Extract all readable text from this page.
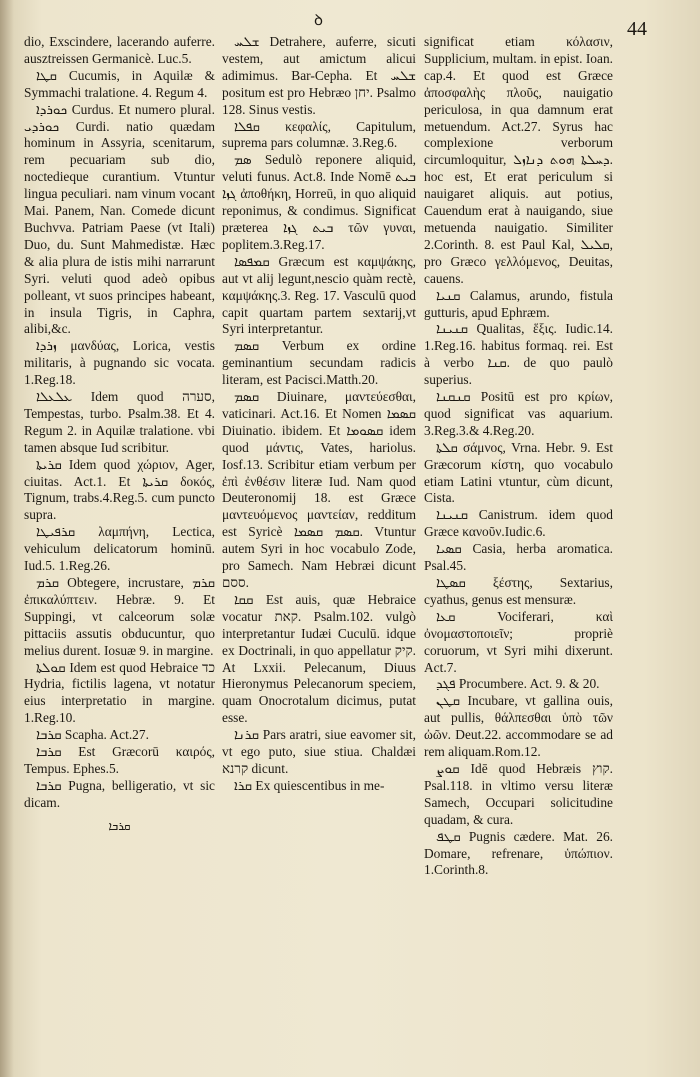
ꝺ	44

dio, Exscindere, lacerando auferre. ausztreissen Germanicè. Luc.5.

ܩܛܐ Cucumis, in Aquilæ & Symmachi tralatione. 4. Regum 4.

ܟܘܪܕܐ Curdus. Et numero plural. ܟܘܪܕܝ Curdi. natio quædam hominum in Assyria, scenitarum, rem pecuariam sub dio, noctedieque curantium. Vtuntur lingua peculiari. nam vinum vocant Mai. Panem, Nan. Comede dicunt Buchvva. Patriam Paese (vt Itali) Duo, du. Sunt Mahmedistæ. Hæc & alia plura de istis mihi narrarunt Syri. veluti quod adeò opibus polleant, vt suos principes habeant, in insula Tigris, in Caphra, alibi,&c.

ܙܪܕܐ μανδύας, Lorica, vestis militaris, à pugnando sic vocata. 1.Reg.18.

ܥܠܥܠܐ Idem quod סערה, Tempestas, turbo. Psalm.38. Et 4. Regum 2. in Aquilæ tralatione. vbi tamen absque Iud scribitur.

ܩܪܝܬܐ Idem quod χώριον, Ager, ciuitas. Act.1. Et ܩܪܝܬܐ δοκός, Tignum, trabs.4.Reg.5. cum puncto supra.

ܩܪܦܝܛܐ λαμπήνη, Lectica, vehiculum delicatorum hominū. Iud.5. 1.Reg.26.

ܩܪܡ Obtegere, incrustare, ܩܪܡ ἐπικαλύπτειν. Hebræ. 9. Et Suppingi, vt calceorum solæ pittaciis assutis obducuntur, quo melius durent. Iosuæ 9. in margine.

ܩܘܠܬܐ Idem est quod Hebraice כד Hydria, fictilis lagena, vt notatur eius interpretatio in margine. 1.Reg.10.

ܩܪܒܐ Scapha. Act.27.

ܩܪܒܐ Est Græcorū καιρός, Tempus. Ephes.5.

ܩܪܒܐ Pugna, belligeratio, vt sic dicam.

ܩܪܒܐ

ܫܠܚ Detrahere, auferre, sicuti vestem, aut amictum alicui adimimus. Bar-Cepha. Et ܫܠܚ positum est pro Hebræo יחן. Psalmo 128. Sinus vestis.

ܩܦܠܐ κεφαλίς, Capitulum, suprema pars columnæ. 3.Reg.6.

ܣܡ Sedulò reponere aliquid, veluti funus. Act.8. Inde Nomē ܒܝܬ ܓܙܐ ἀποθήκη, Horreū, in quo aliquid reponimus, & condimus. Significat præterea ܒܝܬ ܓܙܐ τῶν γυναι, poplitem.3.Reg.17.

ܩܡܦܣܐ Græcum est καμψάκης, aut vt alij legunt,nescio quàm rectè, καμψάκης.3. Reg. 17. Vasculū quod capit quartam partem sextarij,vt Syri interpretantur.

ܩܣܡ Verbum ex ordine geminantium secundam radicis literam, est Pacisci.Matth.20.

ܩܣܡ Diuinare, μαντεύεσθαι, vaticinari. Act.16. Et Nomen ܩܣܡܐ Diuinatio. ibidem. Et ܩܣܘܡܐ idem quod μάντις, Vates, hariolus. Iosf.13. Scribitur etiam verbum per ἐπὶ ἐνθέσιν literæ Iud. Nam quod Deuteronomij 18. est Græce μαντευόμενος μαντείαν, redditum est Syricè ܩܣܡ ܩܣܡܐ. Vtuntur autem Syri in hoc vocabulo Zode, pro Samech. Nam Hebræi dicunt ססם.

ܩܩܐ Est auis, quæ Hebraice vocatur קאת. Psalm.102. vulgò interpretantur Iudæi Cuculū. idque ex Doctrinali, in quo appellatur קיק. At Lxxii. Pelecanum, Diuus Hieronymus Pelecanorum speciem, quam Onocrotalum dicimus, putat esse.

ܩܪܢܐ Pars aratri, siue eavomer sit, vt ego puto, siue stiua. Chaldæi קרנא dicunt.

ܩܪܐ Ex quiescentibus in me-

significat etiam κόλασιν, Supplicium, multam. in epist. Ioan. cap.4. Et quod est Græce ἀποσφαλὴς πλοῦς, nauigatio periculosa, in qua damnum erat metuendum. Act.27. Syrus hac complexione verborum circumloquitur, ܕܚܠܬܐ ܗܘܬ ܕܢܐܙܠ. hoc est, Et erat periculum si nauigaret aliquis. aut potius, Cauendum erat à nauigando, siue metuenda nauigatio. Similiter 2.Corinth. 8. est Paul Kal, ܩܠܝܠ, pro Græco γελλόμενος, Deuitas, cauens.

ܩܢܝܐ Calamus, arundo, fistula gutturis, apud Ephræm.

ܩܢܝܢܐ Qualitas, ἕξις. Iudic.14. 1.Reg.16. habitus formaq. rei. Est à verbo ܩܢܐ. de quo paulò superius.

ܩܢܩܢܐ Positū est pro κρίων, quod significat vas aquarium. 3.Reg.3.& 4.Reg.20.

ܩܠܬܐ σάμνος, Vrna. Hebr. 9. Est Græcorum κίστη, quo vocabulo etiam Latini vtuntur, cùm dicunt, Cista.

ܩܢܝܢܐ Canistrum. idem quod Græce κανοῦν.Iudic.6.

ܩܣܝܐ Casia, herba aromatica. Psal.45.

ܩܣܛܐ ξέστης, Sextarius, cyathus, genus est mensuræ.

ܩܥܐ Vociferari, καὶ ὀνομαστοποιεῖν; propriè coruorum, vt Syri mihi dixerunt. Act.7.

ܦܓܕ Procumbere. Act. 9. & 20.

ܩܛܢ Incubare, vt gallina ouis, aut pullis, θάλπεσθαι ὑπὸ τῶν ὠῶν. Deut.22. accommodare se ad rem aliquam.Rom.12.

ܩܘܨ Idē quod Hebræis קוץ. Psal.118. in vltimo versu literæ Samech, Occupari solicitudine quadam, & cura.

ܩܛܦ Pugnis cædere. Mat. 26. Domare, refrenare, ὑπώπιον. 1.Corinth.8.
